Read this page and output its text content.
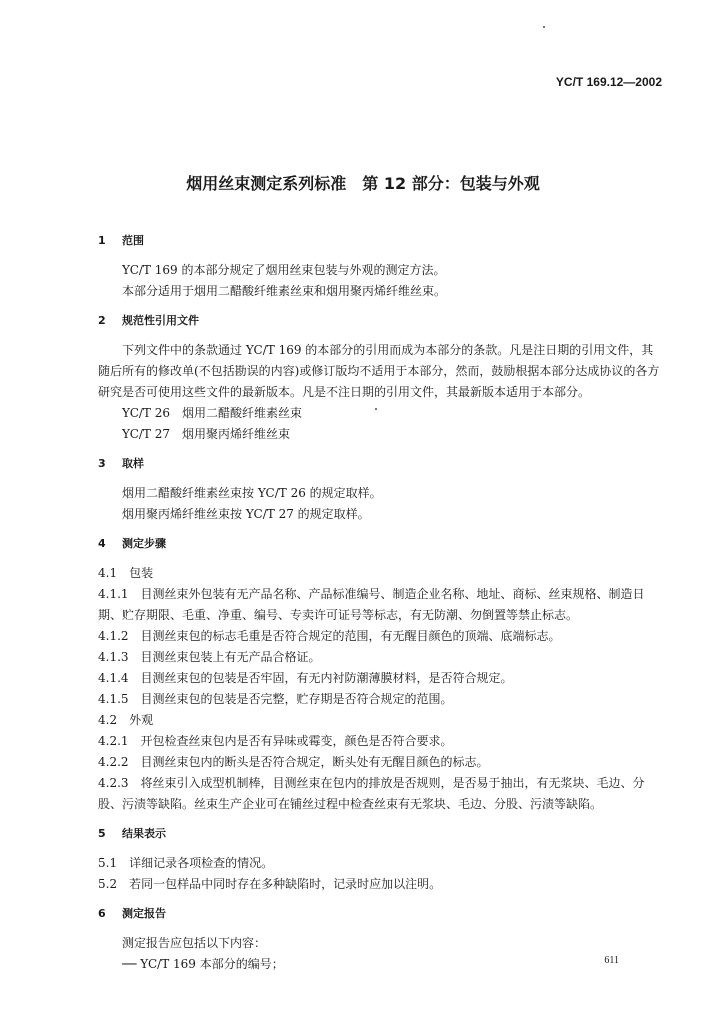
YC/T 169.12—2002
烟用丝束测定系列标准　第 12 部分：包装与外观
1 范围

YC/T 169 的本部分规定了烟用丝束包装与外观的测定方法。

本部分适用于烟用二醋酸纤维素丝束和烟用聚丙烯纤维丝束。

2 规范性引用文件

下列文件中的条款通过 YC/T 169 的本部分的引用而成为本部分的条款。凡是注日期的引用文件，其随后所有的修改单(不包括勘误的内容)或修订版均不适用于本部分，然而，鼓励根据本部分达成协议的各方研究是否可使用这些文件的最新版本。凡是不注日期的引用文件，其最新版本适用于本部分。

YC/T 26　烟用二醋酸纤维素丝束

YC/T 27　烟用聚丙烯纤维丝束

3 取样

烟用二醋酸纤维素丝束按 YC/T 26 的规定取样。

烟用聚丙烯纤维丝束按 YC/T 27 的规定取样。

4 测定步骤

4.1　包装

4.1.1　目测丝束外包装有无产品名称、产品标准编号、制造企业名称、地址、商标、丝束规格、制造日期、贮存期限、毛重、净重、编号、专卖许可证号等标志，有无防潮、勿倒置等禁止标志。

4.1.2　目测丝束包的标志毛重是否符合规定的范围，有无醒目颜色的顶端、底端标志。

4.1.3　目测丝束包装上有无产品合格证。

4.1.4　目测丝束包的包装是否牢固，有无内衬防潮薄膜材料，是否符合规定。

4.1.5　目测丝束包的包装是否完整，贮存期是否符合规定的范围。

4.2　外观

4.2.1　开包检查丝束包内是否有异味或霉变，颜色是否符合要求。

4.2.2　目测丝束包内的断头是否符合规定，断头处有无醒目颜色的标志。

4.2.3　将丝束引入成型机制棒，目测丝束在包内的排放是否规则，是否易于抽出，有无浆块、毛边、分股、污渍等缺陷。丝束生产企业可在铺丝过程中检查丝束有无浆块、毛边、分股、污渍等缺陷。

5 结果表示

5.1　详细记录各项检查的情况。

5.2　若同一包样品中同时存在多种缺陷时，记录时应加以注明。

6 测定报告

测定报告应包括以下内容：

── YC/T 169 本部分的编号；	611
